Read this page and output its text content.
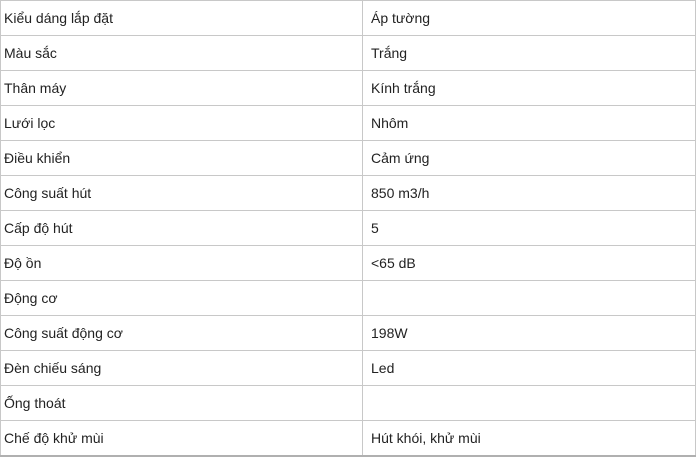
Kiểu dáng lắp đặt	Áp tường
Màu sắc	Trắng
Thân máy	Kính trắng
Lưới lọc	Nhôm
Điều khiển	Cảm ứng
Công suất hút	850 m3/h
Cấp độ hút	5
Độ ồn	<65 dB
Động cơ	
Công suất động cơ	198W
Đèn chiếu sáng	Led
Ống thoát	
Chế độ khử mùi	Hút khói, khử mùi
